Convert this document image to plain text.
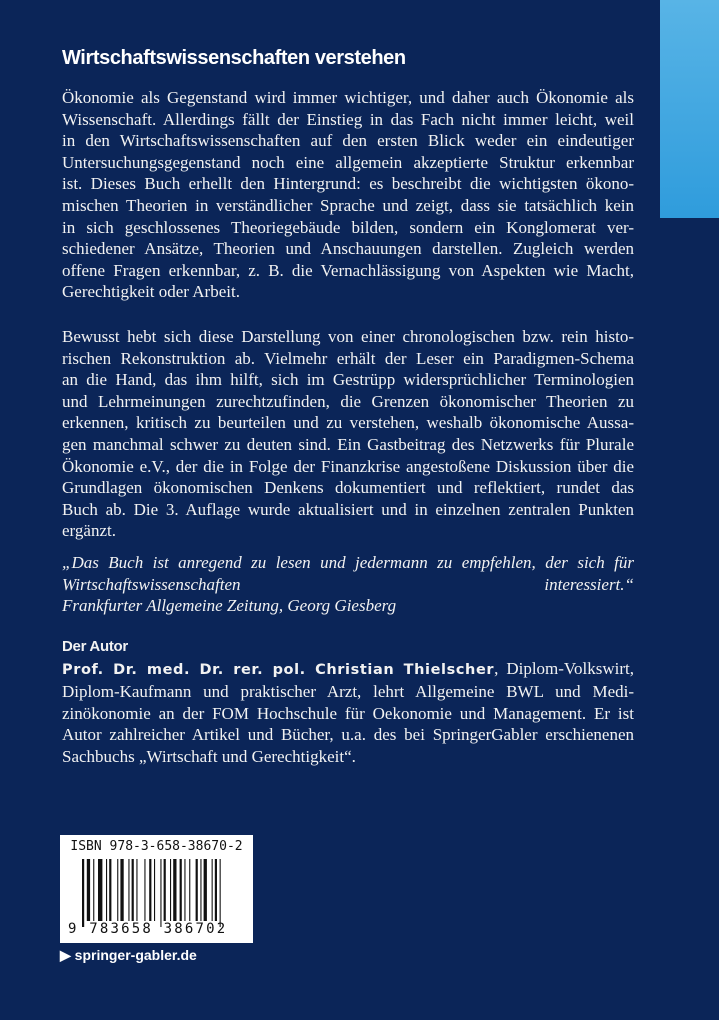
Wirtschaftswissenschaften verstehen
Ökonomie als Gegenstand wird immer wichtiger, und daher auch Ökonomie als
Wissenschaft. Allerdings fällt der Einstieg in das Fach nicht immer leicht, weil
in den Wirtschaftswissenschaften auf den ersten Blick weder ein eindeutiger
Untersuchungsgegenstand noch eine allgemein akzeptierte Struktur erkennbar
ist. Dieses Buch erhellt den Hintergrund: es beschreibt die wichtigsten ökono-
mischen Theorien in verständlicher Sprache und zeigt, dass sie tatsächlich kein
in sich geschlossenes Theoriegebäude bilden, sondern ein Konglomerat ver-
schiedener Ansätze, Theorien und Anschauungen darstellen. Zugleich werden
offene Fragen erkennbar, z. B. die Vernachlässigung von Aspekten wie Macht,
Gerechtigkeit oder Arbeit.
Bewusst hebt sich diese Darstellung von einer chronologischen bzw. rein histo-
rischen Rekonstruktion ab. Vielmehr erhält der Leser ein Paradigmen-Schema
an die Hand, das ihm hilft, sich im Gestrüpp widersprüchlicher Terminologien
und Lehrmeinungen zurechtzufinden, die Grenzen ökonomischer Theorien zu
erkennen, kritisch zu beurteilen und zu verstehen, weshalb ökonomische Aussa-
gen manchmal schwer zu deuten sind. Ein Gastbeitrag des Netzwerks für Plurale
Ökonomie e.V., der die in Folge der Finanzkrise angestoßene Diskussion über die
Grundlagen ökonomischen Denkens dokumentiert und reflektiert, rundet das
Buch ab. Die 3. Auflage wurde aktualisiert und in einzelnen zentralen Punkten
ergänzt.
„Das Buch ist anregend zu lesen und jedermann zu empfehlen, der sich für
Wirtschaftswissenschaften interessiert.“
Frankfurter Allgemeine Zeitung, Georg Giesberg
Der Autor
Prof. Dr. med. Dr. rer. pol. Christian Thielscher, Diplom-Volkswirt,
Diplom-Kaufmann und praktischer Arzt, lehrt Allgemeine BWL und Medi-
zinökonomie an der FOM Hochschule für Oekonomie und Management. Er ist
Autor zahlreicher Artikel und Bücher, u.a. des bei SpringerGabler erschienenen
Sachbuchs „Wirtschaft und Gerechtigkeit“.
ISBN 978-3-658-38670-2
9 783658 386702
▶ springer-gabler.de
